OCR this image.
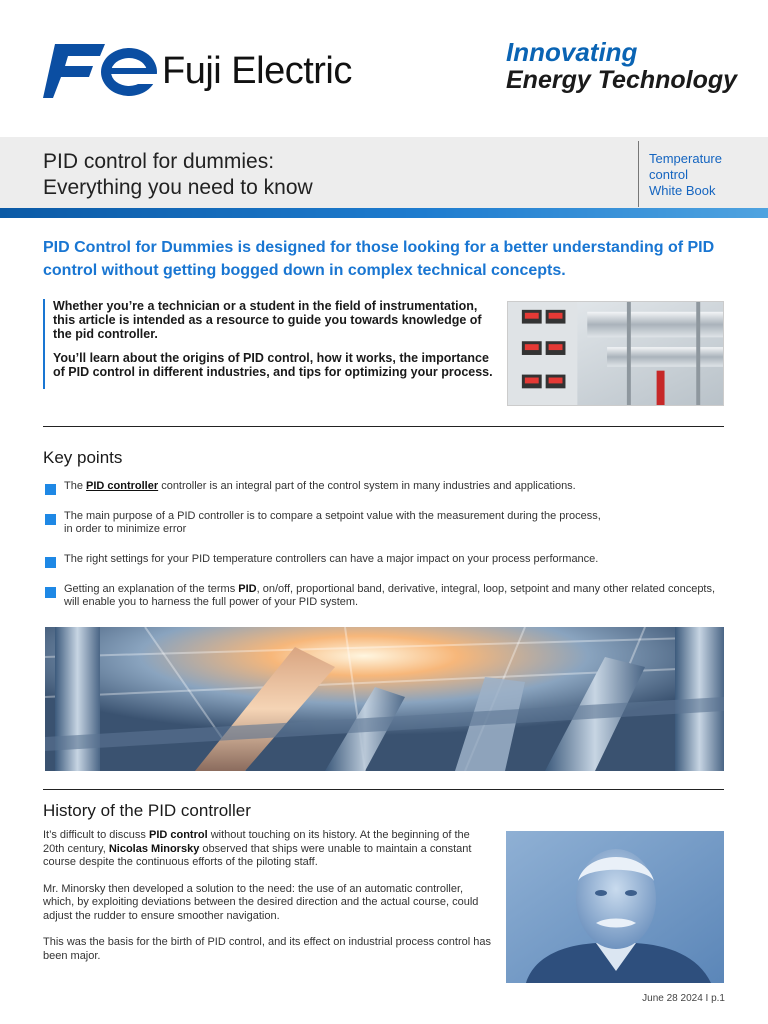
Fuji Electric	Innovating
Energy Technology
PID control for dummies:
Everything you need to know
Temperature
control
White Book
PID Control for Dummies is designed for those looking for a better understanding of PID control without getting bogged down in complex technical concepts.

Whether you’re a technician or a student in the field of instrumentation, this article is intended as a resource to guide you towards knowledge of the pid controller.

You’ll learn about the origins of PID control, how it works, the importance of PID control in different industries, and tips for optimizing your process.

Key points
The PID controller controller is an integral part of the control system in many industries and applications.
The main purpose of a PID controller is to compare a setpoint value with the measurement during the process,
in order to minimize error
The right settings for your PID temperature controllers can have a major impact on your process performance.
Getting an explanation of the terms PID, on/off, proportional band, derivative, integral, loop, setpoint and many other related concepts, will enable you to harness the full power of your PID system.
History of the PID controller

It’s difficult to discuss PID control without touching on its history. At the beginning of the 20th century, Nicolas Minorsky observed that ships were unable to maintain a constant course despite the continuous efforts of the piloting staff.

Mr. Minorsky then developed a solution to the need: the use of an automatic controller, which, by exploiting deviations between the desired direction and the actual course, could adjust the rudder to ensure smoother navigation.

This was the basis for the birth of PID control, and its effect on industrial process control has been major.

June 28 2024 I p.1
